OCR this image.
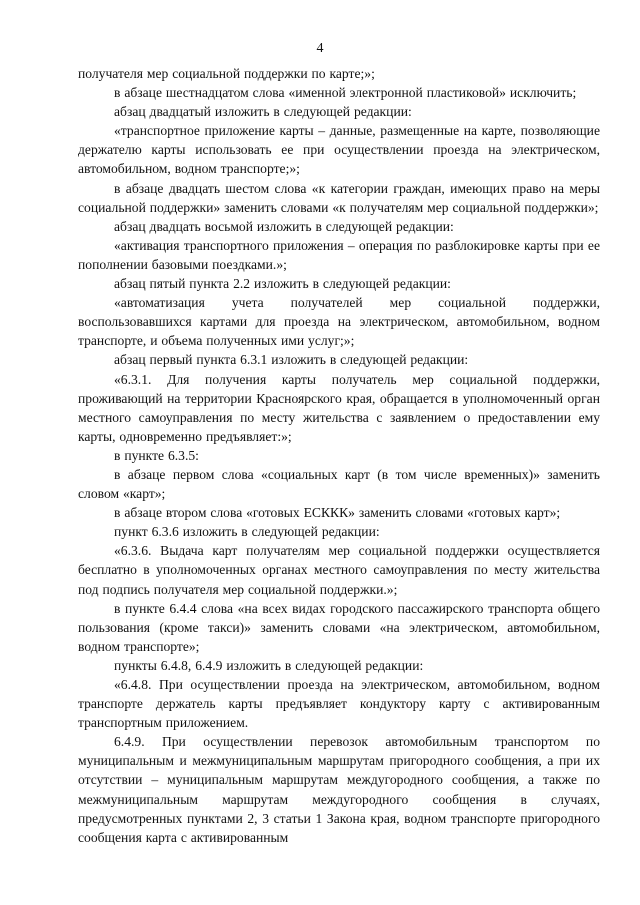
4

получателя мер социальной поддержки по карте;»;

в абзаце шестнадцатом слова «именной электронной пластиковой» исключить;

абзац двадцатый изложить в следующей редакции:

«транспортное приложение карты – данные, размещенные на карте, позволяющие держателю карты использовать ее при осуществлении проезда на электрическом, автомобильном, водном транспорте;»;

в абзаце двадцать шестом слова «к категории граждан, имеющих право на меры социальной поддержки» заменить словами «к получателям мер социальной поддержки»;

абзац двадцать восьмой изложить в следующей редакции:

«активация транспортного приложения – операция по разблокировке карты при ее пополнении базовыми поездками.»;

абзац пятый пункта 2.2 изложить в следующей редакции:

«автоматизация учета получателей мер социальной поддержки, воспользовавшихся картами для проезда на электрическом, автомобильном, водном транспорте, и объема полученных ими услуг;»;

абзац первый пункта 6.3.1 изложить в следующей редакции:

«6.3.1. Для получения карты получатель мер социальной поддержки, проживающий на территории Красноярского края, обращается в уполномоченный орган местного самоуправления по месту жительства с заявлением о предоставлении ему карты, одновременно предъявляет:»;

в пункте 6.3.5:

в абзаце первом слова «социальных карт (в том числе временных)» заменить словом «карт»;

в абзаце втором слова «готовых ЕСККК» заменить словами «готовых карт»;

пункт 6.3.6 изложить в следующей редакции:

«6.3.6. Выдача карт получателям мер социальной поддержки осуществляется бесплатно в уполномоченных органах местного самоуправления по месту жительства под подпись получателя мер социальной поддержки.»;

в пункте 6.4.4 слова «на всех видах городского пассажирского транспорта общего пользования (кроме такси)» заменить словами «на электрическом, автомобильном, водном транспорте»;

пункты 6.4.8, 6.4.9 изложить в следующей редакции:

«6.4.8. При осуществлении проезда на электрическом, автомобильном, водном транспорте держатель карты предъявляет кондуктору карту с активированным транспортным приложением.

6.4.9. При осуществлении перевозок автомобильным транспортом по муниципальным и межмуниципальным маршрутам пригородного сообщения, а при их отсутствии – муниципальным маршрутам междугородного сообщения, а также по межмуниципальным маршрутам междугородного сообщения в случаях, предусмотренных пунктами 2, 3 статьи 1 Закона края, водном транспорте пригородного сообщения карта с активированным
